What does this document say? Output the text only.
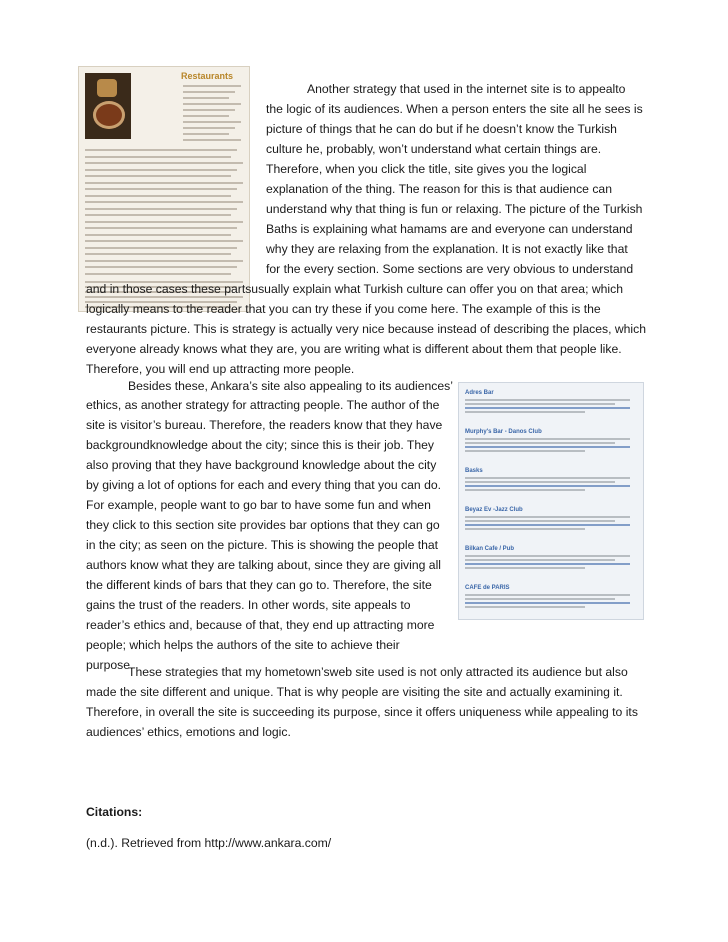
Restaurants
Adres Bar
Murphy's Bar - Danos Club
Basks
Beyaz Ev -Jazz Club
Bilkan Cafe / Pub
CAFE de PARIS

Another strategy that used in the internet site is to appealto

the logic of its audiences. When a person enters the site all he sees is

picture of things that he can do but if he doesn’t know the Turkish

culture he, probably, won’t understand what certain things are.

Therefore, when you click the title, site gives you the logical

explanation of the thing. The reason for this is that audience can

understand why that thing is fun or relaxing. The picture of the Turkish

Baths is explaining what hamams are and everyone can understand

why they are relaxing from the explanation. It is not exactly like that

for the every section. Some sections are very obvious to understand

and in those cases these partsusually explain what Turkish culture can offer you on that area; which

logically means to the reader that you can try these if you come here. The example of this is the

restaurants picture. This is strategy is actually very nice because instead of describing the places, which

everyone already knows what they are, you are writing what is different about them that people like.

Therefore, you will end up attracting more people.

Besides these, Ankara’s site also appealing to its audiences’

ethics, as another strategy for attracting people. The author of the

site is visitor’s bureau. Therefore, the readers know that they have

backgroundknowledge about the city; since this is their job. They

also proving that they have background knowledge about the city

by giving a lot of options for each and every thing that you can do.

For example, people want to go bar to have some fun and when

they click to this section site provides bar options that they can go

in the city; as seen on the picture. This is showing the people that

authors know what they are talking about, since they are giving all

the different kinds of bars that they can go to. Therefore, the site

gains the trust of the readers. In other words, site appeals to

reader’s ethics and, because of that, they end up attracting more

people; which helps the authors of the site to achieve their

purpose.

These strategies that my hometown’sweb site used is not only attracted its audience but also

made the site different and unique. That is why people are visiting the site and actually examining it.

Therefore, in overall the site is succeeding its purpose, since it offers uniqueness while appealing to its

audiences’ ethics, emotions and logic.

Citations:

(n.d.). Retrieved from http://www.ankara.com/
